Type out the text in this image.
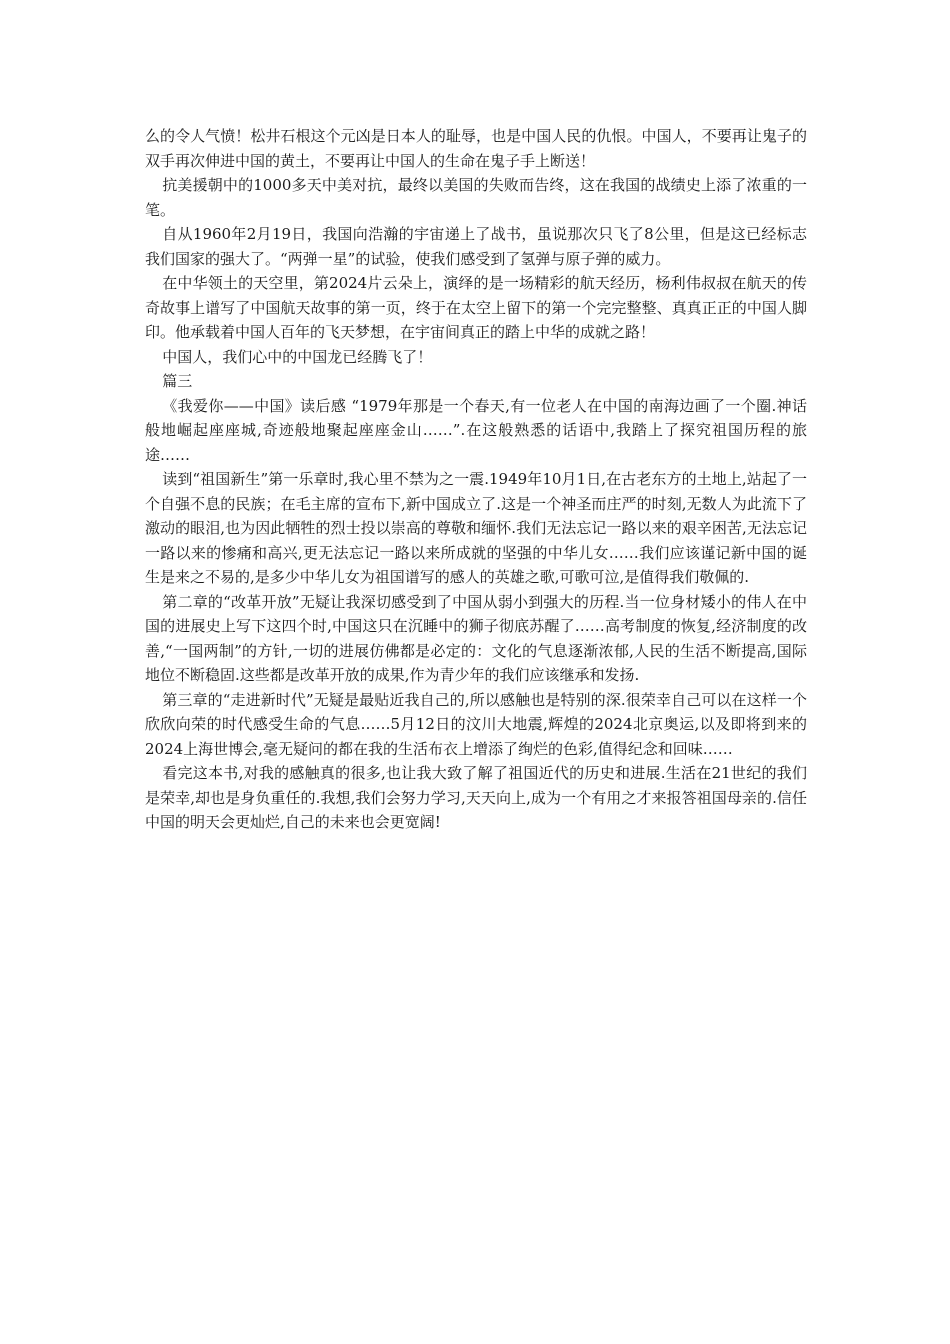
么的令人气愤！松井石根这个元凶是日本人的耻辱，也是中国人民的仇恨。中国人，不要再让鬼子的双手再次伸进中国的黄土，不要再让中国人的生命在鬼子手上断送！

抗美援朝中的1000多天中美对抗，最终以美国的失败而告终，这在我国的战绩史上添了浓重的一笔。

自从1960年2月19日，我国向浩瀚的宇宙递上了战书，虽说那次只飞了8公里，但是这已经标志我们国家的强大了。“两弹一星”的试验，使我们感受到了氢弹与原子弹的威力。

在中华领土的天空里，第2024片云朵上，演绎的是一场精彩的航天经历，杨利伟叔叔在航天的传奇故事上谱写了中国航天故事的第一页，终于在太空上留下的第一个完完整整、真真正正的中国人脚印。他承载着中国人百年的飞天梦想，在宇宙间真正的踏上中华的成就之路！

中国人，我们心中的中国龙已经腾飞了！

篇三

《我爱你——中国》读后感 “1979年那是一个春天,有一位老人在中国的南海边画了一个圈.神话般地崛起座座城,奇迹般地聚起座座金山……”.在这般熟悉的话语中,我踏上了探究祖国历程的旅途……

读到“祖国新生”第一乐章时,我心里不禁为之一震.1949年10月1日,在古老东方的土地上,站起了一个自强不息的民族；在毛主席的宣布下,新中国成立了.这是一个神圣而庄严的时刻,无数人为此流下了激动的眼泪,也为因此牺牲的烈士投以崇高的尊敬和缅怀.我们无法忘记一路以来的艰辛困苦,无法忘记一路以来的惨痛和高兴,更无法忘记一路以来所成就的坚强的中华儿女……我们应该谨记新中国的诞生是来之不易的,是多少中华儿女为祖国谱写的感人的英雄之歌,可歌可泣,是值得我们敬佩的.

第二章的“改革开放”无疑让我深切感受到了中国从弱小到强大的历程.当一位身材矮小的伟人在中国的进展史上写下这四个时,中国这只在沉睡中的狮子彻底苏醒了……高考制度的恢复,经济制度的改善,“一国两制”的方针,一切的进展仿佛都是必定的：文化的气息逐渐浓郁,人民的生活不断提高,国际地位不断稳固.这些都是改革开放的成果,作为青少年的我们应该继承和发扬.

第三章的“走进新时代”无疑是最贴近我自己的,所以感触也是特别的深.很荣幸自己可以在这样一个欣欣向荣的时代感受生命的气息……5月12日的汶川大地震,辉煌的2024北京奥运,以及即将到来的2024上海世博会,毫无疑问的都在我的生活布衣上增添了绚烂的色彩,值得纪念和回味……

看完这本书,对我的感触真的很多,也让我大致了解了祖国近代的历史和进展.生活在21世纪的我们是荣幸,却也是身负重任的.我想,我们会努力学习,天天向上,成为一个有用之才来报答祖国母亲的.信任中国的明天会更灿烂,自己的未来也会更宽阔!
